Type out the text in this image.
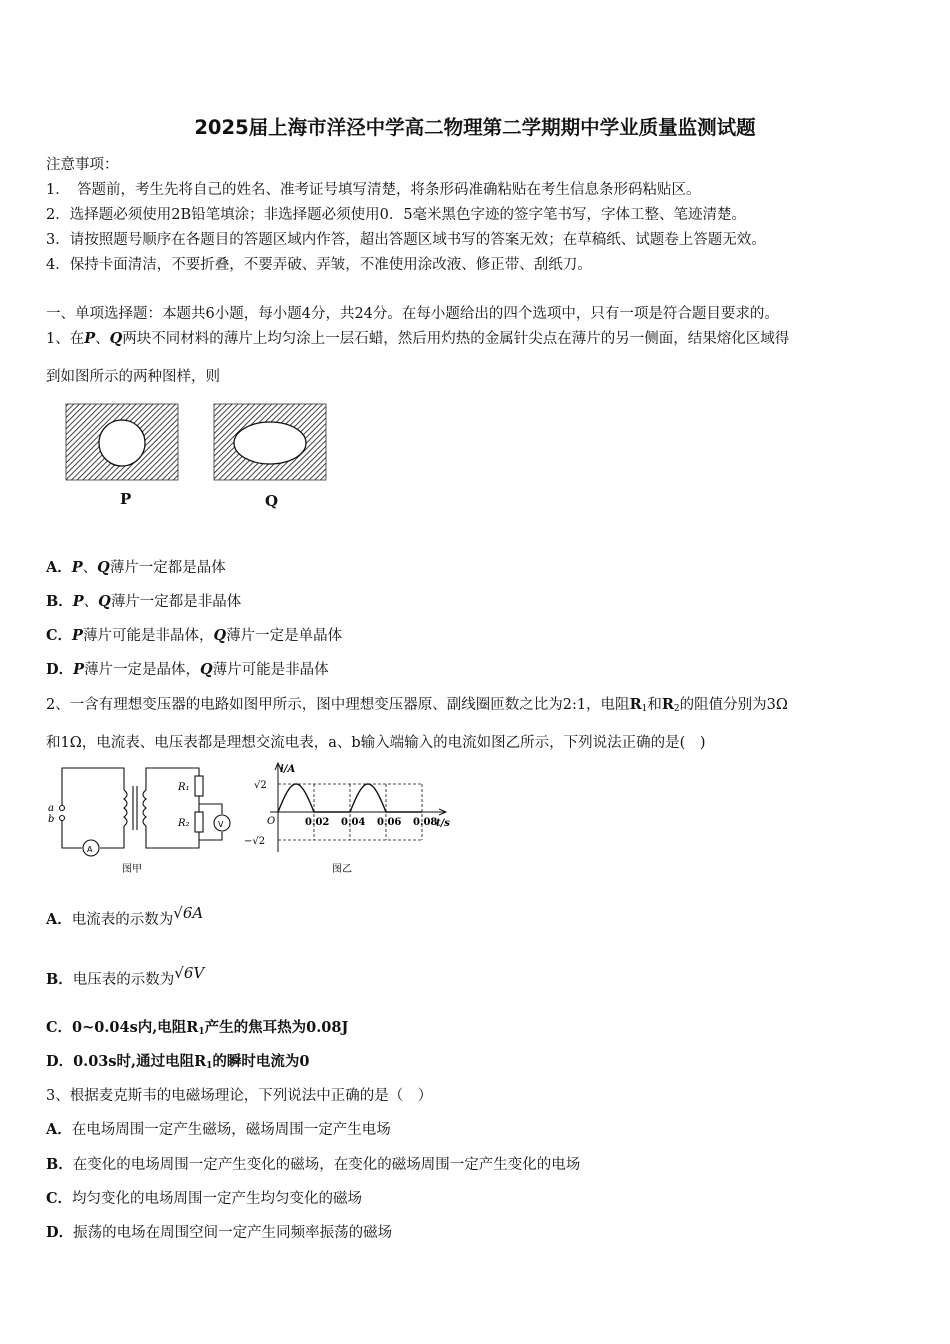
2025届上海市洋泾中学高二物理第二学期期中学业质量监测试题
注意事项：
1．　答题前，考生先将自己的姓名、准考证号填写清楚，将条形码准确粘贴在考生信息条形码粘贴区。
2．选择题必须使用2B铅笔填涂；非选择题必须使用0．5毫米黑色字迹的签字笔书写，字体工整、笔迹清楚。
3．请按照题号顺序在各题目的答题区域内作答，超出答题区域书写的答案无效；在草稿纸、试题卷上答题无效。
4．保持卡面清洁，不要折叠，不要弄破、弄皱，不准使用涂改液、修正带、刮纸刀。
一、单项选择题：本题共6小题，每小题4分，共24分。在每小题给出的四个选项中，只有一项是符合题目要求的。
1、在P、Q两块不同材料的薄片上均匀涂上一层石蜡，然后用灼热的金属针尖点在薄片的另一侧面，结果熔化区域得
到如图所示的两种图样，则
P	Q
A．P、Q薄片一定都是晶体
B．P、Q薄片一定都是非晶体
C．P薄片可能是非晶体，Q薄片一定是单晶体
D．P薄片一定是晶体，Q薄片可能是非晶体
2、一含有理想变压器的电路如图甲所示，图中理想变压器原、副线圈匝数之比为2:1，电阻$R_1$和$R_2$的阻值分别为3Ω
和1Ω，电流表、电压表都是理想交流电表，a、b输入端输入的电流如图乙所示，下列说法正确的是(　)
a
b
R₁
R₂	V
A
图甲
0.02 0.04 0.06 0.08
√2
−√2
i/A
t/s
O
图乙
A．电流表的示数为√6A
B．电压表的示数为√6V
C．0~0.04s内,电阻$R_1$产生的焦耳热为0.08J
D．0.03s时,通过电阻$R_1$的瞬时电流为0
3、根据麦克斯韦的电磁场理论，下列说法中正确的是（　）
A．在电场周围一定产生磁场，磁场周围一定产生电场
B．在变化的电场周围一定产生变化的磁场，在变化的磁场周围一定产生变化的电场
C．均匀变化的电场周围一定产生均匀变化的磁场
D．振荡的电场在周围空间一定产生同频率振荡的磁场
